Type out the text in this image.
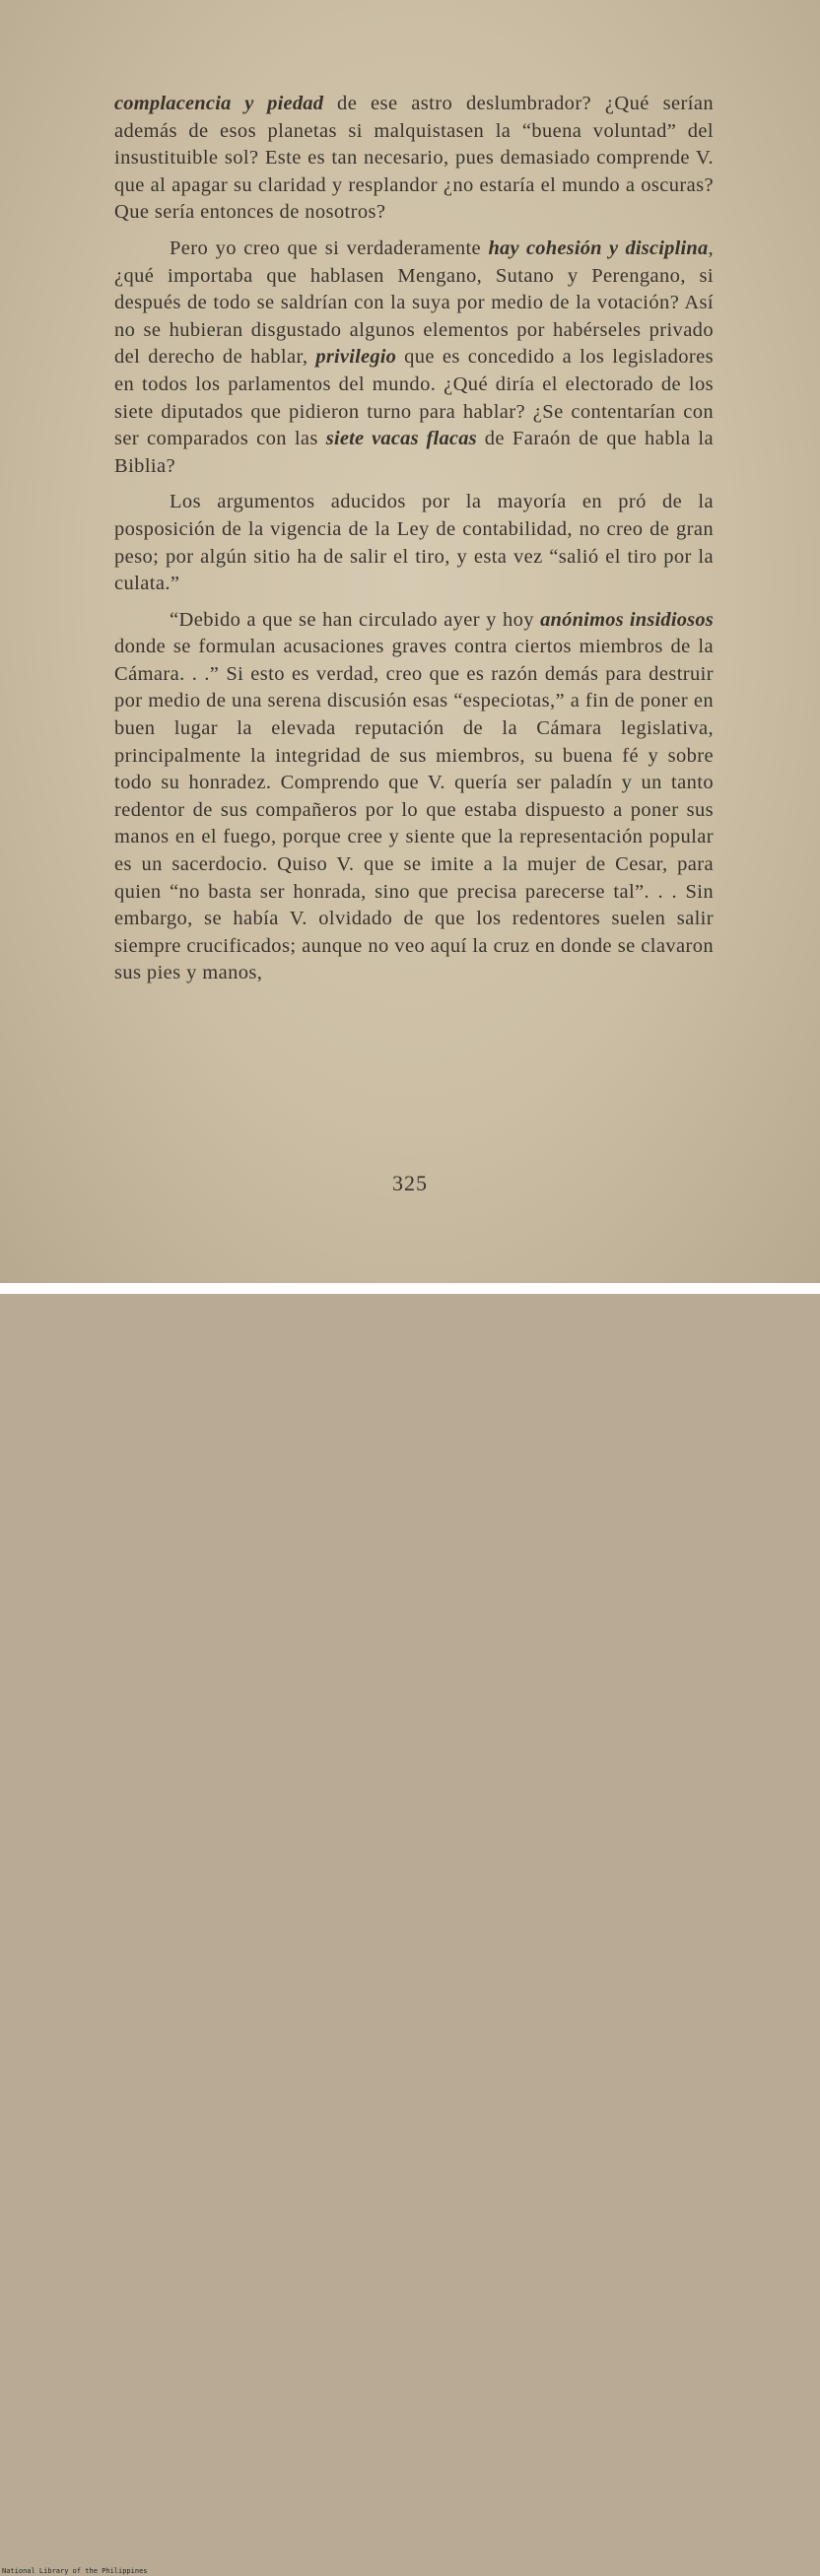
complacencia y piedad de ese astro deslumbrador? ¿Qué serían además de esos planetas si malquistasen la “buena voluntad” del insustituible sol? Este es tan necesario, pues demasiado comprende V. que al apagar su claridad y resplandor ¿no estaría el mundo a oscuras? Que sería entonces de nosotros?

Pero yo creo que si verdaderamente hay cohesión y disciplina, ¿qué importaba que hablasen Mengano, Sutano y Perengano, si después de todo se saldrían con la suya por medio de la votación? Así no se hubieran disgustado algunos elementos por habérseles privado del derecho de hablar, privilegio que es concedido a los legisladores en todos los parlamentos del mundo. ¿Qué diría el electorado de los siete diputados que pidieron turno para hablar? ¿Se contentarían con ser comparados con las siete vacas flacas de Faraón de que habla la Biblia?

Los argumentos aducidos por la mayoría en pró de la posposición de la vigencia de la Ley de contabilidad, no creo de gran peso; por algún sitio ha de salir el tiro, y esta vez “salió el tiro por la culata.”

“Debido a que se han circulado ayer y hoy anónimos insidiosos donde se formulan acusaciones graves contra ciertos miembros de la Cámara. . .” Si esto es verdad, creo que es razón demás para destruir por medio de una serena discusión esas “especiotas,” a fin de poner en buen lugar la elevada reputación de la Cámara legislativa, principalmente la integridad de sus miembros, su buena fé y sobre todo su honradez. Comprendo que V. quería ser paladín y un tanto redentor de sus compañeros por lo que estaba dispuesto a poner sus manos en el fuego, porque cree y siente que la representación popular es un sacerdocio. Quiso V. que se imite a la mujer de Cesar, para quien “no basta ser honrada, sino que precisa parecerse tal”. . . Sin embargo, se había V. olvidado de que los redentores suelen salir siempre crucificados; aunque no veo aquí la cruz en donde se clavaron sus pies y manos,

325
National Library of the Philippines
